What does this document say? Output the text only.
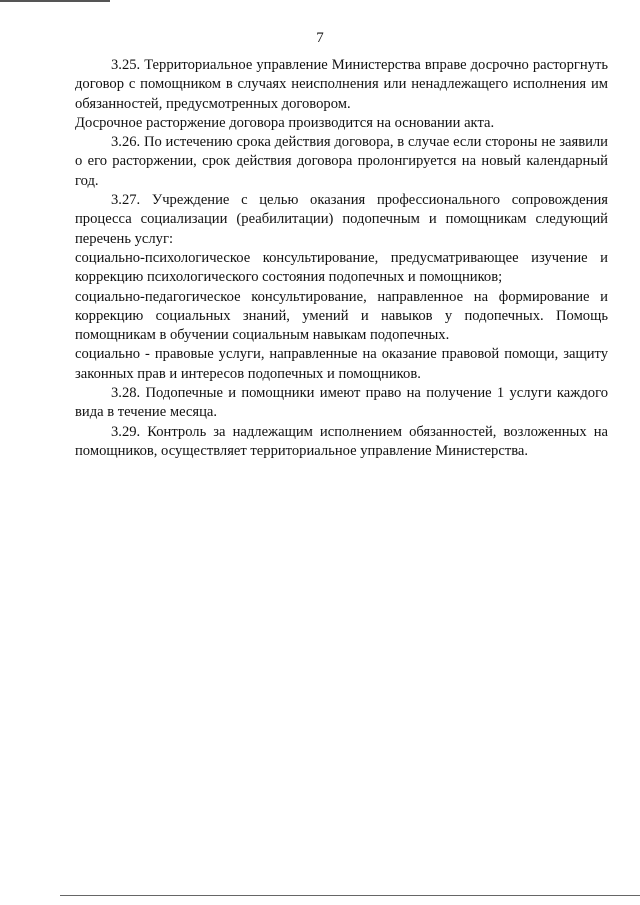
7

3.25. Территориальное управление Министерства вправе досрочно расторгнуть договор с помощником в случаях неисполнения или ненадлежащего исполнения им обязанностей, предусмотренных договором.

Досрочное расторжение договора производится на основании акта.

3.26. По истечению срока действия договора, в случае если стороны не заявили о его расторжении, срок действия договора пролонгируется на новый календарный год.

3.27. Учреждение с целью оказания профессионального сопровождения процесса социализации (реабилитации) подопечным и помощникам следующий перечень услуг:

социально-психологическое консультирование, предусматривающее изучение и коррекцию психологического состояния подопечных и помощников;

социально-педагогическое консультирование, направленное на формирование и коррекцию социальных знаний, умений и навыков у подопечных. Помощь помощникам в обучении социальным навыкам подопечных.

социально - правовые услуги, направленные на оказание правовой помощи, защиту законных прав и интересов подопечных и помощников.

3.28. Подопечные и помощники имеют право на получение 1 услуги каждого вида в течение месяца.

3.29. Контроль за надлежащим исполнением обязанностей, возложенных на помощников, осуществляет территориальное управление Министерства.
